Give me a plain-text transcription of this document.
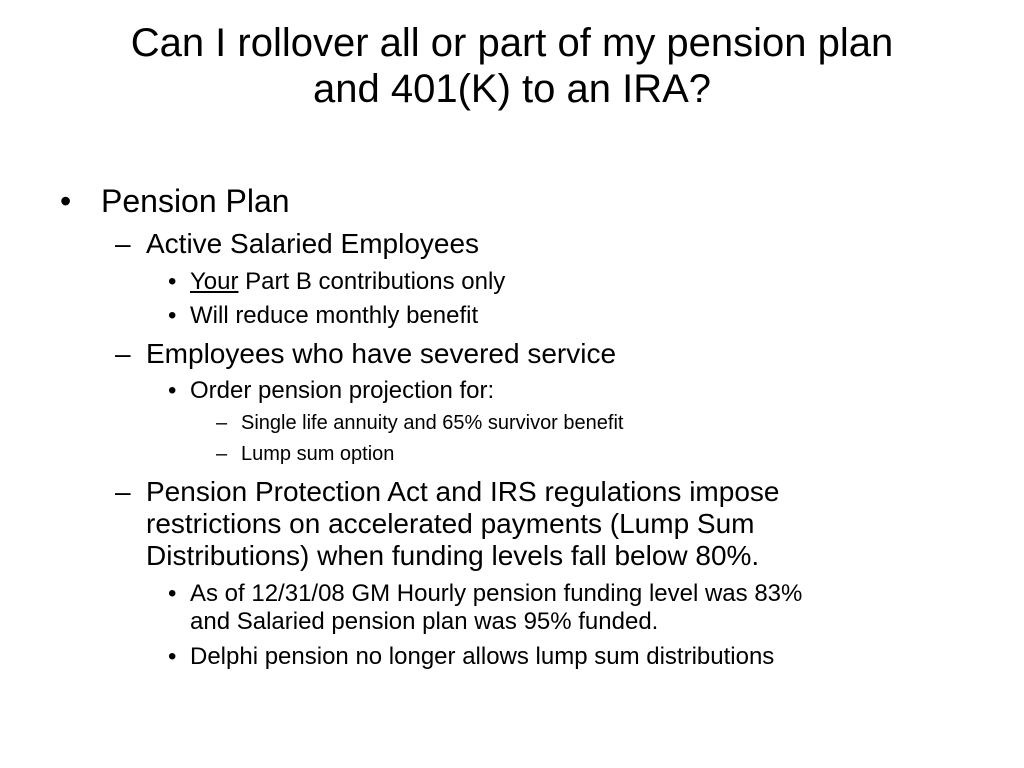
Can I rollover all or part of my pension plan
and 401(K) to an IRA?
• Pension Plan
– Active Salaried Employees
• Your Part B contributions only
• Will reduce monthly benefit
– Employees who have severed service
• Order pension projection for:
– Single life annuity and 65% survivor benefit
– Lump sum option
– Pension Protection Act and IRS regulations impose
restrictions on accelerated payments (Lump Sum
Distributions) when funding levels fall below 80%.
• As of 12/31/08 GM Hourly pension funding level was 83%
and Salaried pension plan was 95% funded.
• Delphi pension no longer allows lump sum distributions
